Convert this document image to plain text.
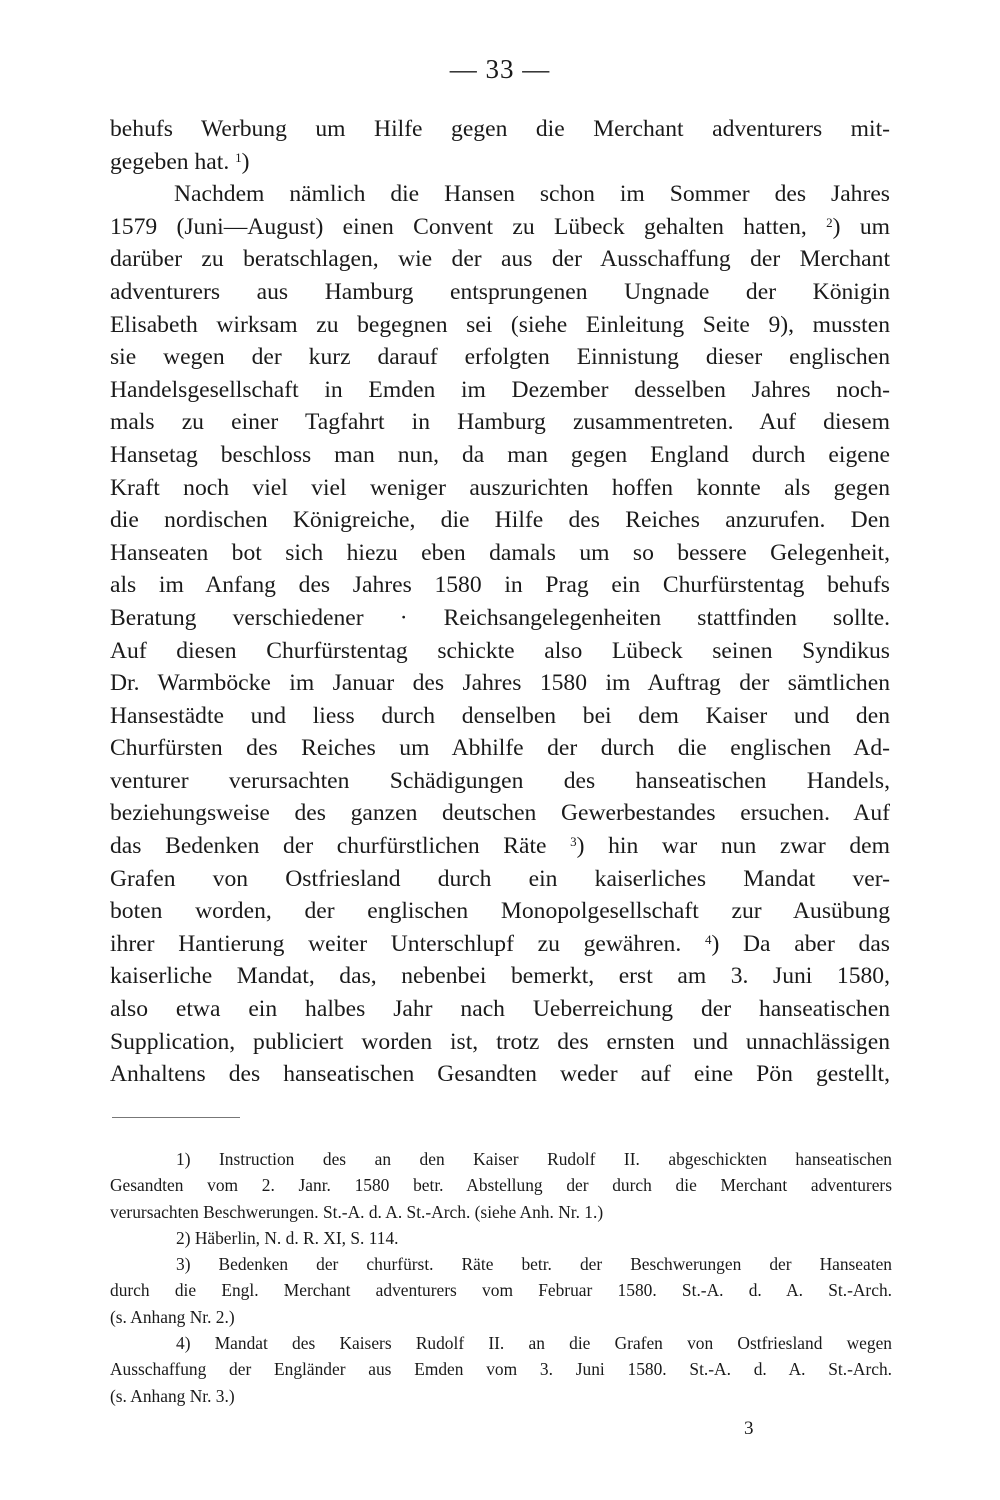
— 33 —
behufs Werbung um Hilfe gegen die Merchant adventurers mit-
gegeben hat. $^1$)
Nachdem nämlich die Hansen schon im Sommer des Jahres
1579 (Juni—August) einen Convent zu Lübeck gehalten hatten, $^2$) um
darüber zu beratschlagen, wie der aus der Ausschaffung der Merchant
adventurers aus Hamburg entsprungenen Ungnade der Königin
Elisabeth wirksam zu begegnen sei (siehe Einleitung Seite 9), mussten
sie wegen der kurz darauf erfolgten Einnistung dieser englischen
Handelsgesellschaft in Emden im Dezember desselben Jahres noch-
mals zu einer Tagfahrt in Hamburg zusammentreten. Auf diesem
Hansetag beschloss man nun, da man gegen England durch eigene
Kraft noch viel viel weniger auszurichten hoffen konnte als gegen
die nordischen Königreiche, die Hilfe des Reiches anzurufen. Den
Hanseaten bot sich hiezu eben damals um so bessere Gelegenheit,
als im Anfang des Jahres 1580 in Prag ein Churfürstentag behufs
Beratung verschiedener · Reichsangelegenheiten stattfinden sollte.
Auf diesen Churfürstentag schickte also Lübeck seinen Syndikus
Dr. Warmböcke im Januar des Jahres 1580 im Auftrag der sämtlichen
Hansestädte und liess durch denselben bei dem Kaiser und den
Churfürsten des Reiches um Abhilfe der durch die englischen Ad-
venturer verursachten Schädigungen des hanseatischen Handels,
beziehungsweise des ganzen deutschen Gewerbestandes ersuchen. Auf
das Bedenken der churfürstlichen Räte $^3$) hin war nun zwar dem
Grafen von Ostfriesland durch ein kaiserliches Mandat ver-
boten worden, der englischen Monopolgesellschaft zur Ausübung
ihrer Hantierung weiter Unterschlupf zu gewähren. $^4$) Da aber das
kaiserliche Mandat, das, nebenbei bemerkt, erst am 3. Juni 1580,
also etwa ein halbes Jahr nach Ueberreichung der hanseatischen
Supplication, publiciert worden ist, trotz des ernsten und unnachlässigen
Anhaltens des hanseatischen Gesandten weder auf eine Pön gestellt,
1) Instruction des an den Kaiser Rudolf II. abgeschickten hanseatischen
Gesandten vom 2. Janr. 1580 betr. Abstellung der durch die Merchant adventurers
verursachten Beschwerungen. St.-A. d. A. St.-Arch. (siehe Anh. Nr. 1.)
2) Häberlin, N. d. R. XI, S. 114.
3) Bedenken der churfürst. Räte betr. der Beschwerungen der Hanseaten
durch die Engl. Merchant adventurers vom Februar 1580. St.-A. d. A. St.-Arch.
(s. Anhang Nr. 2.)
4) Mandat des Kaisers Rudolf II. an die Grafen von Ostfriesland wegen
Ausschaffung der Engländer aus Emden vom 3. Juni 1580. St.-A. d. A. St.-Arch.
(s. Anhang Nr. 3.)
3
